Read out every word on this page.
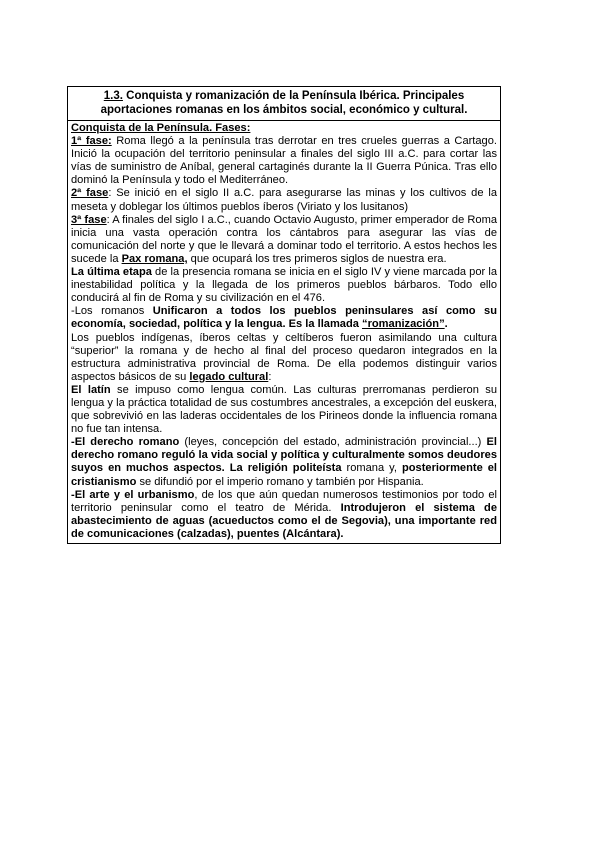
1.3. Conquista y romanización de la Península Ibérica. Principales aportaciones romanas en los ámbitos social, económico y cultural.

Conquista de la Península. Fases:

1ª fase: Roma llegó a la península tras derrotar en tres crueles guerras a Cartago. Inició la ocupación del territorio peninsular a finales del siglo III a.C. para cortar las vías de suministro de Aníbal, general cartaginés durante la II Guerra Púnica. Tras ello dominó la Península y todo el Mediterráneo.

2ª fase: Se inició en el siglo II a.C. para asegurarse las minas y los cultivos de la meseta y doblegar los últimos pueblos íberos (Viriato y los lusitanos)

3ª fase: A finales del siglo I a.C., cuando Octavio Augusto, primer emperador de Roma inicia una vasta operación contra los cántabros para asegurar las vías de comunicación del norte y que le llevará a dominar todo el territorio. A estos hechos les sucede la Pax romana, que ocupará los tres primeros siglos de nuestra era.

La última etapa de la presencia romana se inicia en el siglo IV y viene marcada por la inestabilidad política y la llegada de los primeros pueblos bárbaros. Todo ello conducirá al fin de Roma y su civilización en el 476.

-Los romanos Unificaron a todos los pueblos peninsulares así como su economía, sociedad, política y la lengua. Es la llamada “romanización”.

Los pueblos indígenas, íberos celtas y celtíberos fueron asimilando una cultura “superior” la romana y de hecho al final del proceso quedaron integrados en la estructura administrativa provincial de Roma. De ella podemos distinguir varios aspectos básicos de su legado cultural:

El latín se impuso como lengua común. Las culturas prerromanas perdieron su lengua y la práctica totalidad de sus costumbres ancestrales, a excepción del euskera, que sobrevivió en las laderas occidentales de los Pirineos donde la influencia romana no fue tan intensa.

-El derecho romano (leyes, concepción del estado, administración provincial...) El derecho romano reguló la vida social y política y culturalmente somos deudores suyos en muchos aspectos. La religión politeísta romana y, posteriormente el cristianismo se difundió por el imperio romano y también por Hispania.

-El arte y el urbanismo, de los que aún quedan numerosos testimonios por todo el territorio peninsular como el teatro de Mérida. Introdujeron el sistema de abastecimiento de aguas (acueductos como el de Segovia), una importante red de comunicaciones (calzadas), puentes (Alcántara).
